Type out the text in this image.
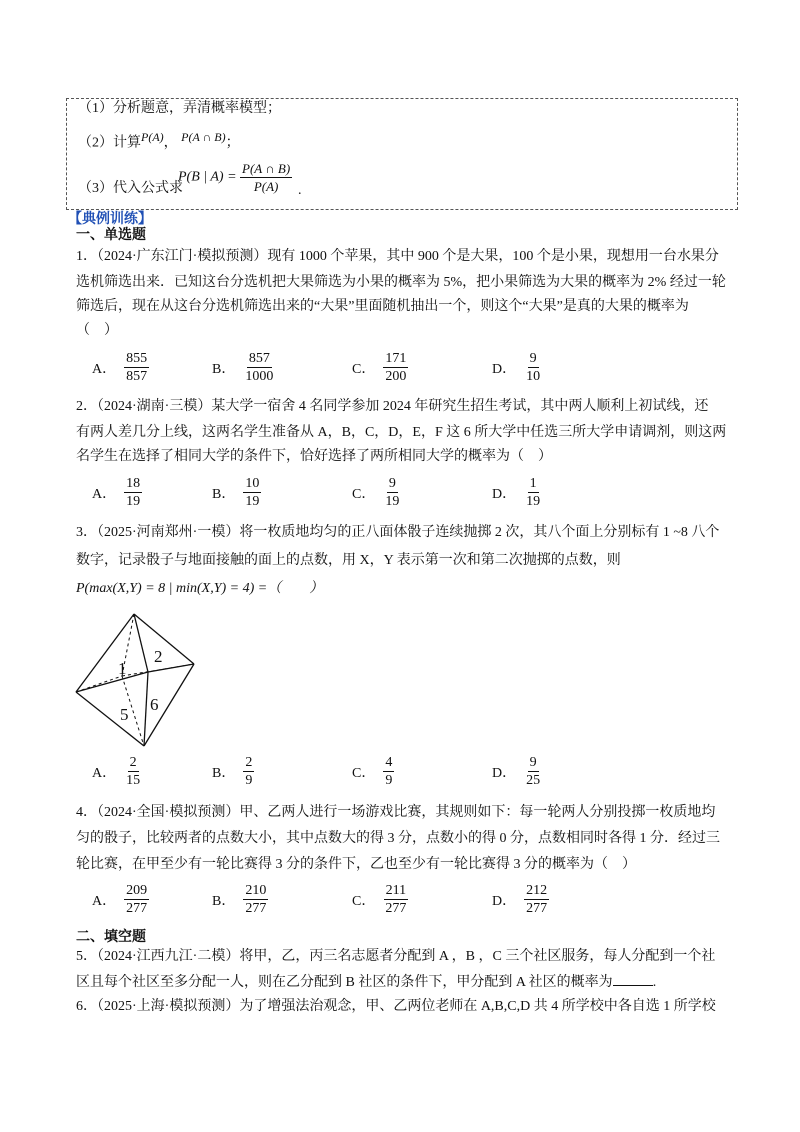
（1）分析题意，弄清概率模型；
（2）计算$^{P(A)}$， $^{P(A \cap B)}$；
P(B | $A) = \frac{P(A \cap B)}{P(A)}$
（3）代入公式求	.
【典例训练】
一、单选题
1．（2024·广东江门·模拟预测）现有 1000 个苹果，其中 900 个是大果，100 个是小果，现想用一台水果分
选机筛选出来．已知这台分选机把大果筛选为小果的概率为 5%，把小果筛选为大果的概率为 2% 经过一轮
筛选后，现在从这台分选机筛选出来的“大果”里面随机抽出一个，则这个“大果”是真的大果的概率为
（　）
A． $\frac{855}{857}$	B． $\frac{857}{1000}$	C． $\frac{171}{200}$	D． $\frac{9}{10}$
2．（2024·湖南·三模）某大学一宿舍 4 名同学参加 2024 年研究生招生考试，其中两人顺利上初试线，还
有两人差几分上线，这两名学生准备从 A，B，C，D，E，F 这 6 所大学中任选三所大学申请调剂，则这两
名学生在选择了相同大学的条件下，恰好选择了两所相同大学的概率为（　）
A． $\frac{18}{19}$	B． $\frac{10}{19}$	C． $\frac{9}{19}$	D． $\frac{1}{19}$
3．（2025·河南郑州·一模）将一枚质地均匀的正八面体骰子连续抛掷 2 次，其八个面上分别标有 1 ~8 八个
数字，记录骰子与地面接触的面上的点数，用 X，Y 表示第一次和第二次抛掷的点数，则
P(max(X,Y) = 8 | min(X,Y) = 4) =（　　）
1
2
5
6
A． $\frac{2}{15}$	B． $\frac{2}{9}$	C． $\frac{4}{9}$	D． $\frac{9}{25}$
4．（2024·全国·模拟预测）甲、乙两人进行一场游戏比赛，其规则如下：每一轮两人分别投掷一枚质地均
匀的骰子，比较两者的点数大小，其中点数大的得 3 分，点数小的得 0 分，点数相同时各得 1 分．经过三
轮比赛，在甲至少有一轮比赛得 3 分的条件下，乙也至少有一轮比赛得 3 分的概率为（　）
A． $\frac{209}{277}$	B． $\frac{210}{277}$	C． $\frac{211}{277}$	D． $\frac{212}{277}$
二、填空题
5．（2024·江西九江·二模）将甲，乙，丙三名志愿者分配到 A ，B ，C 三个社区服务，每人分配到一个社
区且每个社区至多分配一人，则在乙分配到 B 社区的条件下，甲分配到 A 社区的概率为	.
6．（2025·上海·模拟预测）为了增强法治观念，甲、乙两位老师在 A,B,C,D 共 4 所学校中各自选 1 所学校
